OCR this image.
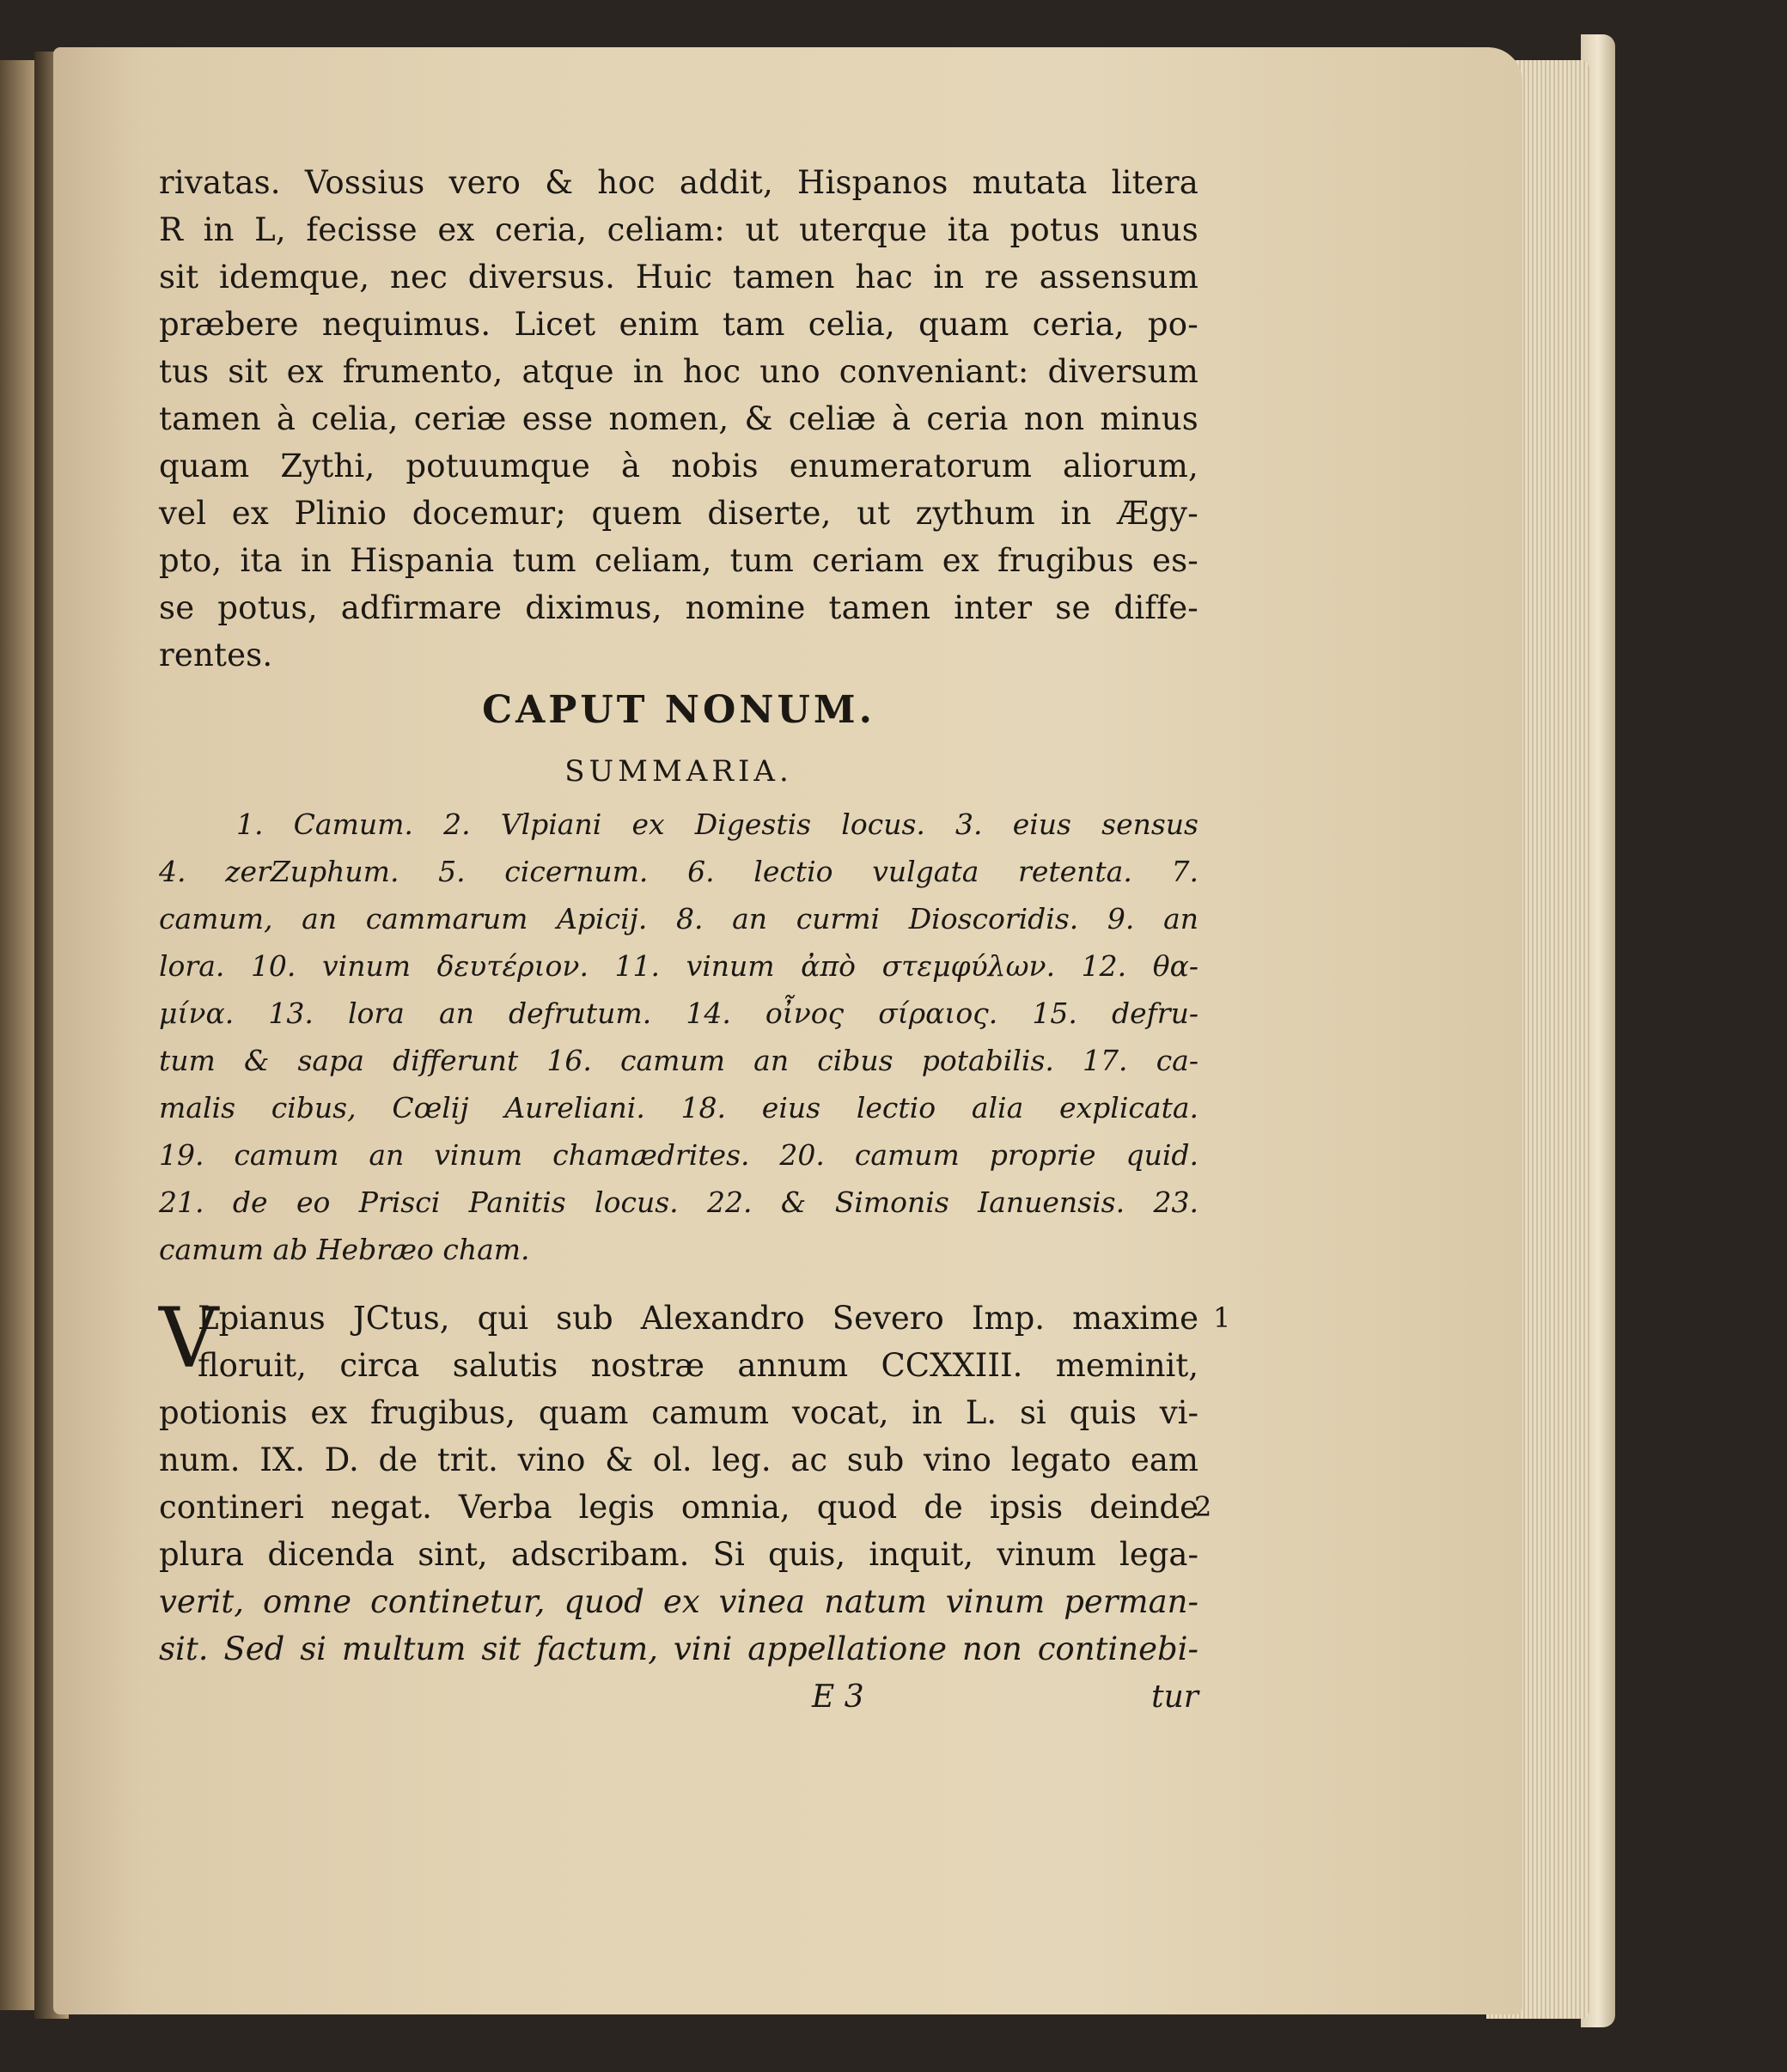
rivatas. Vossius vero & hoc addit, Hispanos mutata litera
R in L, fecisse ex ceria, celiam: ut uterque ita potus unus
sit idemque, nec diversus. Huic tamen hac in re assensum
præbere nequimus. Licet enim tam celia, quam ceria, po-
tus sit ex frumento, atque in hoc uno conveniant: diversum
tamen à celia, ceriæ esse nomen, & celiæ à ceria non minus
quam Zythi, potuumque à nobis enumeratorum aliorum,
vel ex Plinio docemur; quem diserte, ut zythum in Ægy-
pto, ita in Hispania tum celiam, tum ceriam ex frugibus es-
se potus, adfirmare diximus, nomine tamen inter se diffe-
rentes.
CAPUT NONUM.
SUMMARIA.
1. Camum. 2. Vlpiani ex Digestis locus. 3. eius sensus
4. zerZuphum. 5. cicernum. 6. lectio vulgata retenta. 7.
camum, an cammarum Apicij. 8. an curmi Dioscoridis. 9. an
lora. 10. vinum δευτέριον. 11. vinum ἀπὸ στεμφύλων. 12. θα-
μίνα. 13. lora an defrutum. 14. οἶνος σίραιος. 15. defru-
tum & sapa differunt 16. camum an cibus potabilis. 17. ca-
malis cibus, Cœlij Aureliani. 18. eius lectio alia explicata.
19. camum an vinum chamædrites. 20. camum proprie quid.
21. de eo Prisci Panitis locus. 22. & Simonis Ianuensis. 23.
camum ab Hebræo cham.
Lpianus JCtus, qui sub Alexandro Severo Imp. maxime
floruit, circa salutis nostræ annum CCXXIII. meminit,
potionis ex frugibus, quam camum vocat, in L. si quis vi-
num. IX. D. de trit. vino & ol. leg. ac sub vino legato eam
contineri negat. Verba legis omnia, quod de ipsis deinde
plura dicenda sint, adscribam. Si quis, inquit, vinum lega-
verit, omne continetur, quod ex vinea natum vinum perman-
sit. Sed si multum sit factum, vini appellatione non continebi-
V	1
2
E 3	tur
